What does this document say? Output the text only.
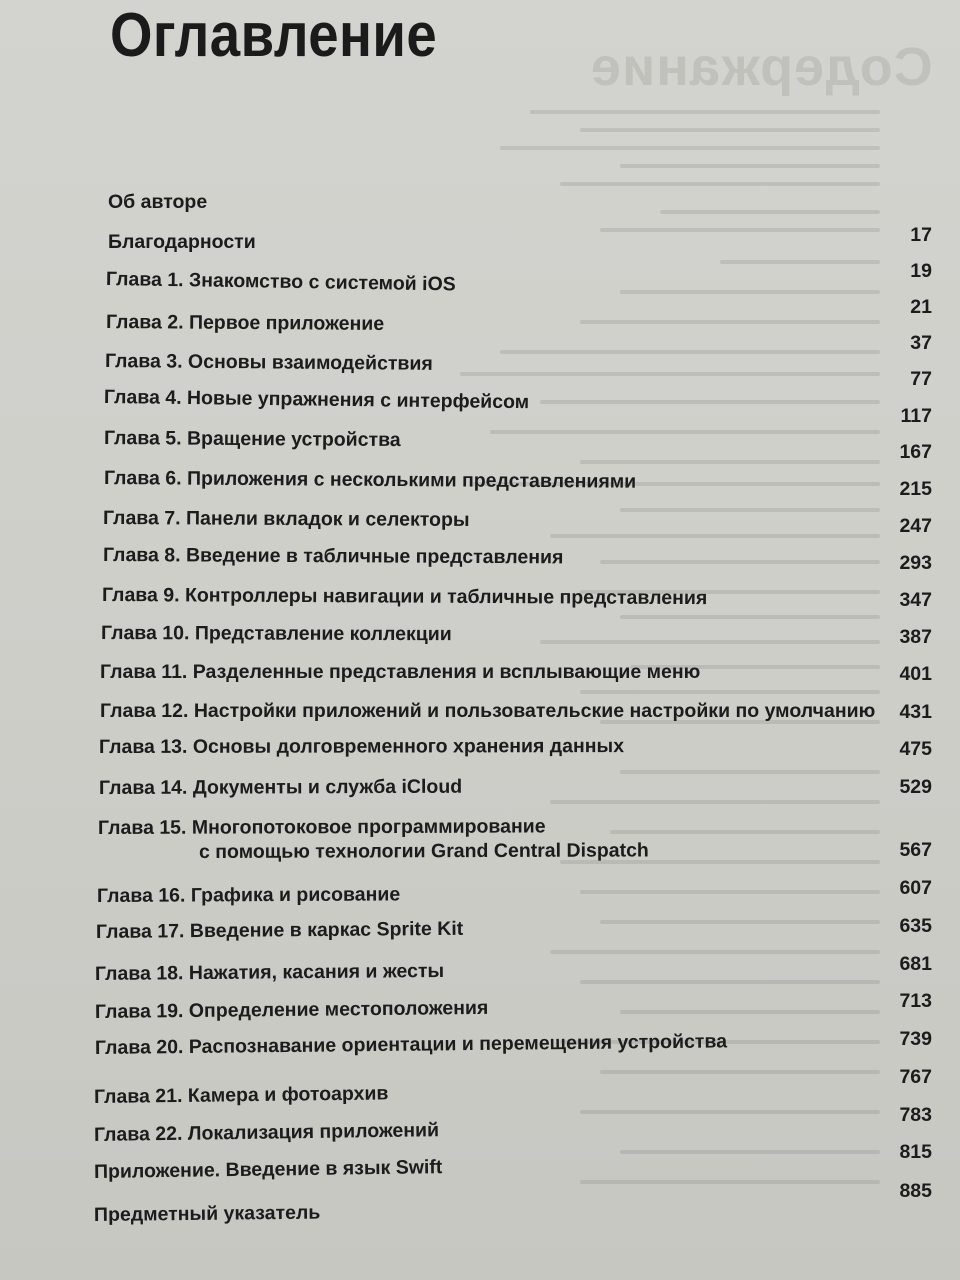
Содержание
Оглавление
Об авторе
Благодарности
Глава 1. Знакомство с системой iOS
Глава 2. Первое приложение
Глава 3. Основы взаимодействия
Глава 4. Новые упражнения с интерфейсом
Глава 5. Вращение устройства
Глава 6. Приложения с несколькими представлениями
Глава 7. Панели вкладок и селекторы
Глава 8. Введение в табличные представления
Глава 9. Контроллеры навигации и табличные представления
Глава 10. Представление коллекции
Глава 11. Разделенные представления и всплывающие меню
Глава 12. Настройки приложений и пользовательские настройки по умолчанию
Глава 13. Основы долговременного хранения данных
Глава 14. Документы и служба iCloud
Глава 15. Многопотоковое программирование
с помощью технологии Grand Central Dispatch
Глава 16. Графика и рисование
Глава 17. Введение в каркас Sprite Kit
Глава 18. Нажатия, касания и жесты
Глава 19. Определение местоположения
Глава 20. Распознавание ориентации и перемещения устройства
Глава 21. Камера и фотоархив
Глава 22. Локализация приложений
Приложение. Введение в язык Swift
Предметный указатель
17
19
21
37
77
117
167
215
247
293
347
387
401
431
475
529
567
607
635
681
713
739
767
783
815
885
